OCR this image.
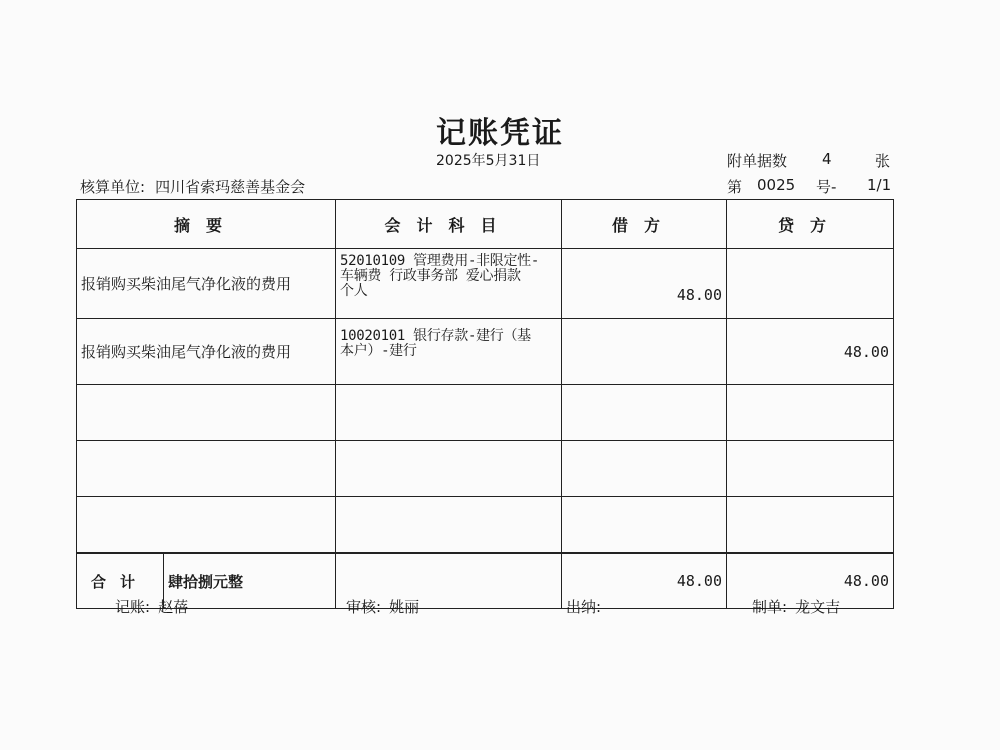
记账凭证
2025年5月31日	附单据数 4	张
核算单位: 四川省索玛慈善基金会	第 0025 号- 1/1
摘要	会计科目	借方	贷方
报销购买柴油尾气净化液的费用	52010109 管理费用-非限定性-
车辆费 行政事务部 爱心捐款
个人	48.00	
报销购买柴油尾气净化液的费用	10020101 银行存款-建行（基
本户）-建行		48.00

合计 肆拾捌元整		48.00	48.00
记账: 赵蓓	审核: 姚丽	出纳:	制单: 龙文吉
